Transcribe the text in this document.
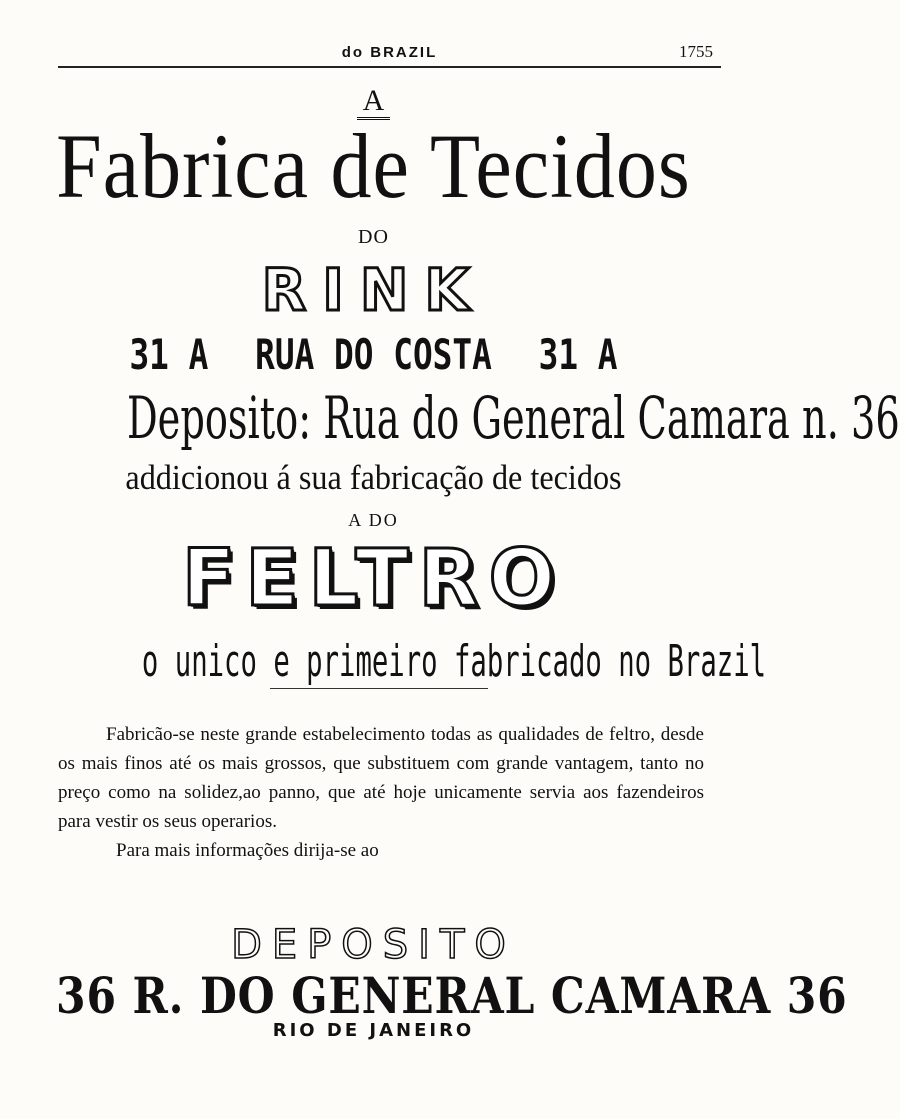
do BRAZIL	1755
A
Fabrica de Tecidos
DO
RINK
31 A RUA DO COSTA 31 A
Deposito: Rua do General Camara n. 36
addicionou á sua fabricação de tecidos
A DO
FELTRO
o unico e primeiro fabricado no Brazil

Fabricão-se neste grande estabelecimento todas as qualidades de feltro, desde os mais finos até os mais grossos, que substituem com grande vantagem, tanto no preço como na solidez,ao panno, que até hoje unicamente servia aos fazendeiros para vestir os seus operarios.

Para mais informações dirija-se ao

DEPOSITO
36 R. DO GENERAL CAMARA 36
RIO DE JANEIRO
